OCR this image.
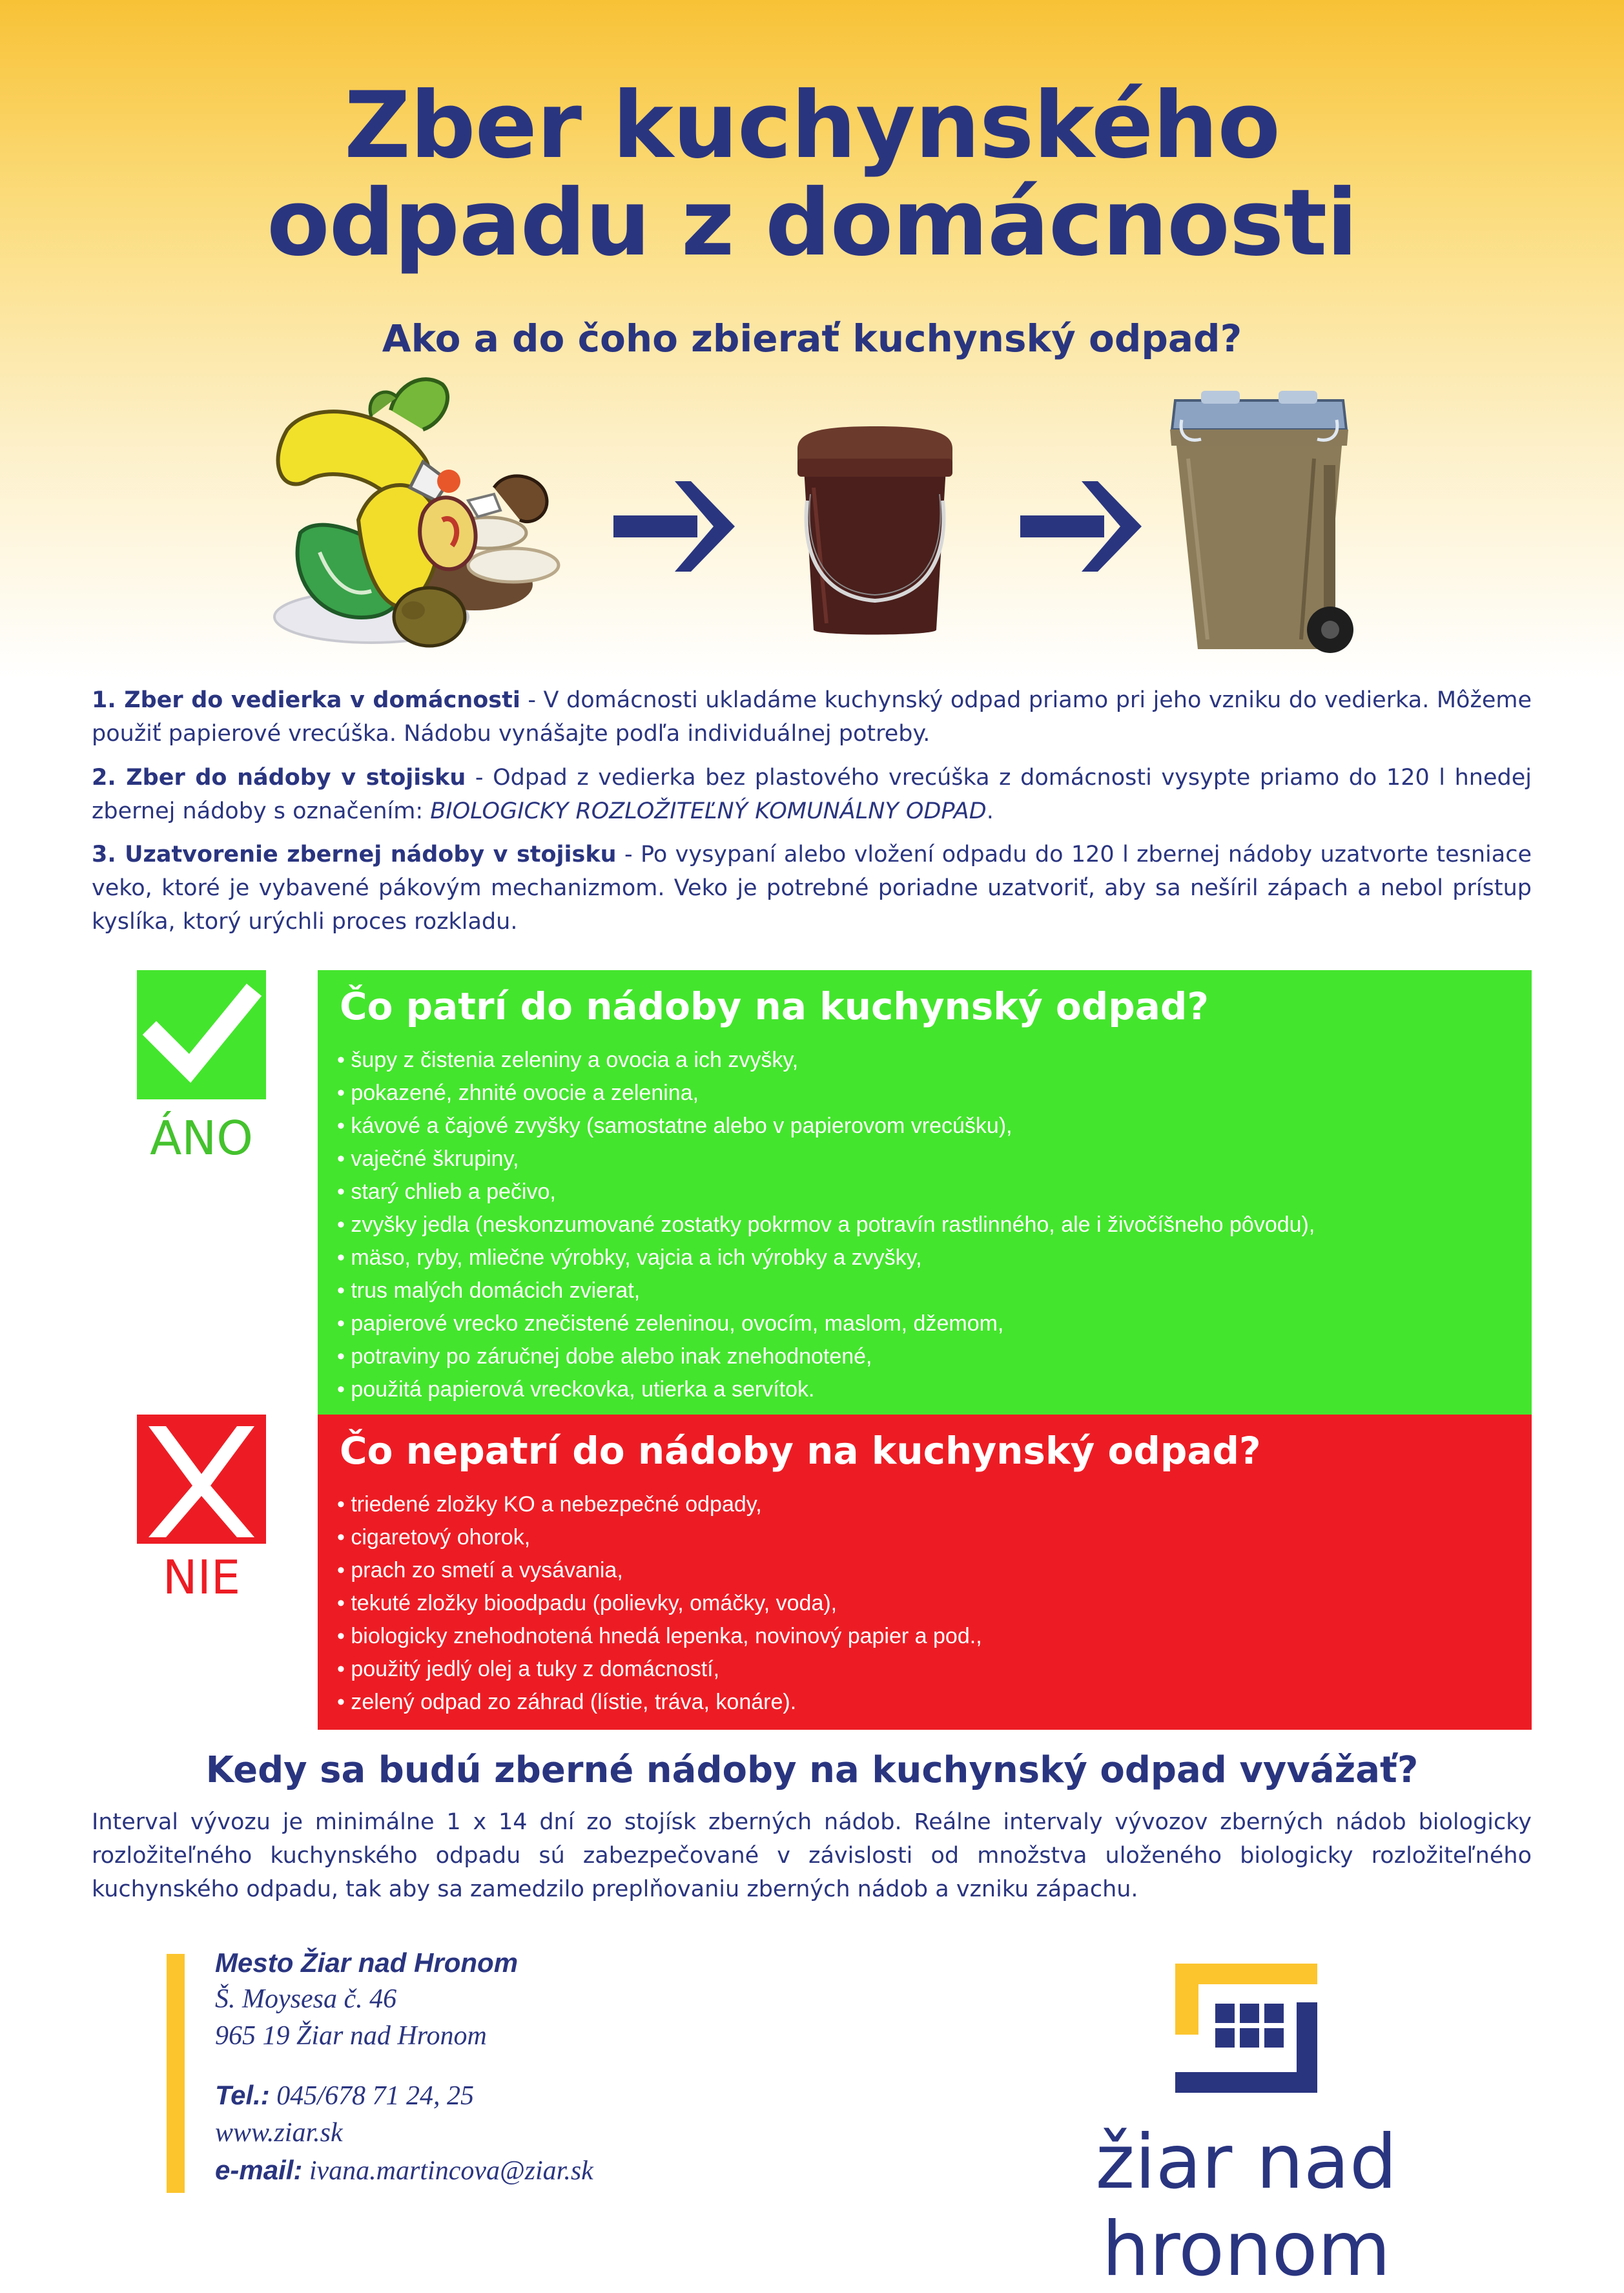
Zber kuchynského
odpadu z domácnosti
Ako a do čoho zbierať kuchynský odpad?
1. Zber do vedierka v domácnosti - V domácnosti ukladáme kuchynský odpad priamo pri jeho vzniku do vedierka. Môžeme použiť papierové vrecúška. Nádobu vynášajte podľa individuálnej potreby.
2. Zber do nádoby v stojisku - Odpad z vedierka bez plastového vrecúška z domácnosti vysypte priamo do 120 l hnedej zbernej nádoby s označením: BIOLOGICKY ROZLOŽITEĽNÝ KOMUNÁLNY ODPAD.
3. Uzatvorenie zbernej nádoby v stojisku - Po vysypaní alebo vložení odpadu do 120 l zbernej nádoby uzatvorte tesniace veko, ktoré je vybavené pákovým mechanizmom. Veko je potrebné poriadne uzatvoriť, aby sa nešíril zápach a nebol prístup kyslíka, ktorý urýchli proces rozkladu.
ÁNO
Čo patrí do nádoby na kuchynský odpad?
• šupy z čistenia zeleniny a ovocia a ich zvyšky,
• pokazené, zhnité ovocie a zelenina,
• kávové a čajové zvyšky (samostatne alebo v papierovom vrecúšku),
• vaječné škrupiny,
• starý chlieb a pečivo,
• zvyšky jedla (neskonzumované zostatky pokrmov a potravín rastlinného, ale i živočíšneho pôvodu),
• mäso, ryby, mliečne výrobky, vajcia a ich výrobky a zvyšky,
• trus malých domácich zvierat,
• papierové vrecko znečistené zeleninou, ovocím, maslom, džemom,
• potraviny po záručnej dobe alebo inak znehodnotené,
• použitá papierová vreckovka, utierka a servítok.
NIE
Čo nepatrí do nádoby na kuchynský odpad?
• triedené zložky KO a nebezpečné odpady,
• cigaretový ohorok,
• prach zo smetí a vysávania,
• tekuté zložky bioodpadu (polievky, omáčky, voda),
• biologicky znehodnotená hnedá lepenka, novinový papier a pod.,
• použitý jedlý olej a tuky z domácností,
• zelený odpad zo záhrad (lístie, tráva, konáre).
Kedy sa budú zberné nádoby na kuchynský odpad vyvážať?
Interval vývozu je minimálne 1 x 14 dní zo stojísk zberných nádob. Reálne intervaly vývozov zberných nádob biologicky rozložiteľného kuchynského odpadu sú zabezpečované v závislosti od množstva uloženého biologicky rozložiteľného kuchynského odpadu, tak aby sa zamedzilo preplňovaniu zberných nádob a vzniku zápachu.
Mesto Žiar nad Hronom
Š. Moysesa č. 46
965 19 Žiar nad Hronom
Tel.: 045/678 71 24, 25
www.ziar.sk
e-mail: ivana.martincova@ziar.sk	žiar nad hronom
